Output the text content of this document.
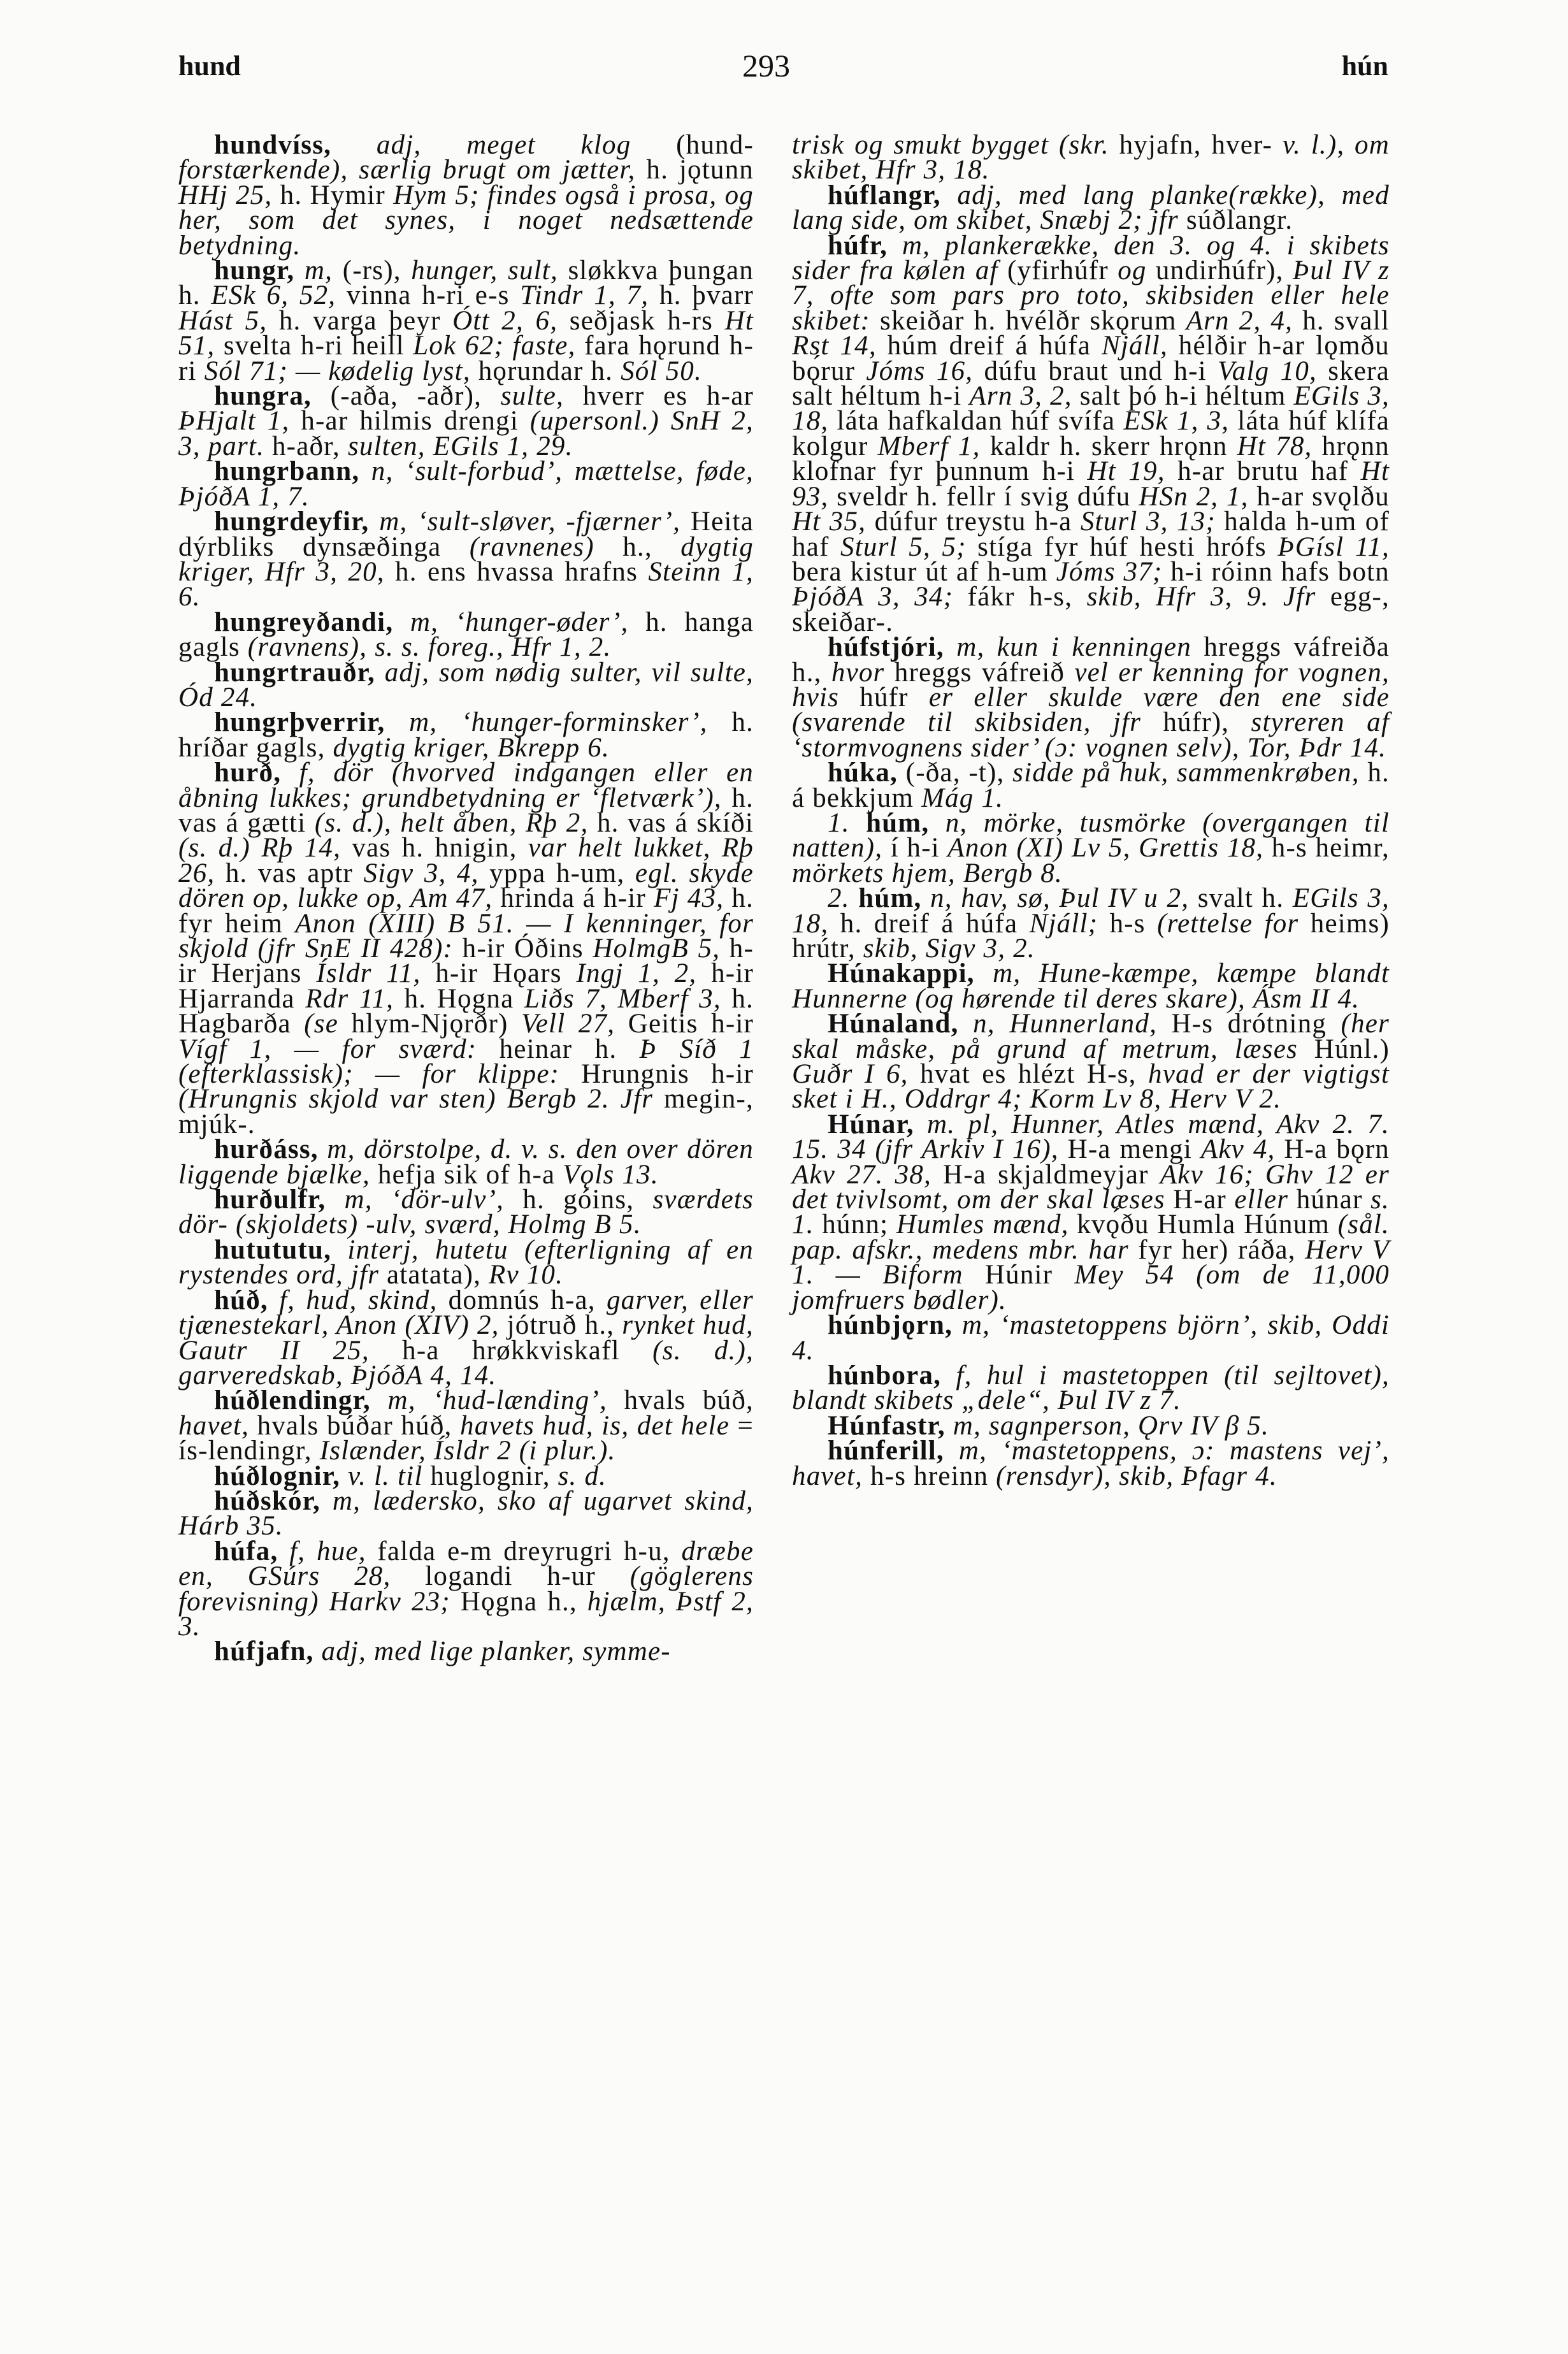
hund	293	hún

hundvíss, adj, meget klog (hund- forstærkende), særlig brugt om jætter, h. jǫtunn HHj 25, h. Hymir Hym 5; findes også i prosa, og her, som det synes, i noget nedsættende betydning.

hungr, m, (-rs), hunger, sult, sløkkva þungan h. ESk 6, 52, vinna h-ri e-s Tindr 1, 7, h. þvarr Hást 5, h. varga þeyr Ótt 2, 6, seðjask h-rs Ht 51, svelta h-ri heill Lok 62; faste, fara hǫrund h-ri Sól 71; — kødelig lyst, hǫrundar h. Sól 50.

hungra, (-aða, -aðr), sulte, hverr es h-ar ÞHjalt 1, h-ar hilmis drengi (upersonl.) SnH 2, 3, part. h-aðr, sulten, EGils 1, 29.

hungrbann, n, ‘sult-forbud’, mættelse, føde, ÞjóðA 1, 7.

hungrdeyfir, m, ‘sult-sløver, -fjærner’, Heita dýrbliks dynsæðinga (ravnenes) h., dygtig kriger, Hfr 3, 20, h. ens hvassa hrafns Steinn 1, 6.

hungreyðandi, m, ‘hunger-øder’, h. hanga gagls (ravnens), s. s. foreg., Hfr 1, 2.

hungrtrauðr, adj, som nødig sulter, vil sulte, Ód 24.

hungrþverrir, m, ‘hunger-forminsker’, h. hríðar gagls, dygtig kriger, Bkrepp 6.

hurð, f, dör (hvorved indgangen eller en åbning lukkes; grundbetydning er ‘fletværk’), h. vas á gætti (s. d.), helt åben, Rþ 2, h. vas á skíði (s. d.) Rþ 14, vas h. hnigin, var helt lukket, Rþ 26, h. vas aptr Sigv 3, 4, yppa h-um, egl. skyde dören op, lukke op, Am 47, hrinda á h-ir Fj 43, h. fyr heim Anon (XIII) B 51. — I kenninger, for skjold (jfr SnE II 428): h-ir Óðins HolmgB 5, h-ir Herjans Ísldr 11, h-ir Hǫars Ingj 1, 2, h-ir Hjarranda Rdr 11, h. Hǫgna Liðs 7, Mberf 3, h. Hagbarða (se hlym-Njǫrðr) Vell 27, Geitis h-ir Vígf 1, — for sværd: heinar h. Þ Síð 1 (efterklassisk); — for klippe: Hrungnis h-ir (Hrungnis skjold var sten) Bergb 2. Jfr megin-, mjúk-.

hurðáss, m, dörstolpe, d. v. s. den over dören liggende bjælke, hefja sik of h-a Vǫls 13.

hurðulfr, m, ‘dör-ulv’, h. góins, sværdets dör- (skjoldets) -ulv, sværd, Holmg B 5.

hutututu, interj, hutetu (efterligning af en rystendes ord, jfr atatata), Rv 10.

húð, f, hud, skind, domnús h-a, garver, eller tjænestekarl, Anon (XIV) 2, jótruð h., rynket hud, Gautr II 25, h-a hrøkkviskafl (s. d.), garveredskab, ÞjóðA 4, 14.

húðlendingr, m, ‘hud-lænding’, hvals búð, havet, hvals búðar húð, havets hud, is, det hele = ís-lendingr, Islænder, Ísldr 2 (i plur.).

húðlognir, v. l. til huglognir, s. d.

húðskór, m, lædersko, sko af ugarvet skind, Hárb 35.

húfa, f, hue, falda e-m dreyrugri h-u, dræbe en, GSúrs 28, logandi h-ur (göglerens forevisning) Harkv 23; Hǫgna h., hjælm, Þstf 2, 3.

húfjafn, adj, med lige planker, symme-

trisk og smukt bygget (skr. hyjafn, hver- v. l.), om skibet, Hfr 3, 18.

húflangr, adj, med lang planke(række), med lang side, om skibet, Snæbj 2; jfr súðlangr.

húfr, m, plankerække, den 3. og 4. i skibets sider fra kølen af (yfirhúfr og undirhúfr), Þul IV z 7, ofte som pars pro toto, skibsiden eller hele skibet: skeiðar h. hvélðr skǫrum Arn 2, 4, h. svall Rst 14, húm dreif á húfa Njáll, hélðir h-ar lǫmðu bǫ́rur Jóms 16, dúfu braut und h-i Valg 10, skera salt héltum h-i Arn 3, 2, salt þó h-i héltum EGils 3, 18, láta hafkaldan húf svífa ESk 1, 3, láta húf klífa kolgur Mberf 1, kaldr h. skerr hrǫnn Ht 78, hrǫnn klofnar fyr þunnum h-i Ht 19, h-ar brutu haf Ht 93, sveldr h. fellr í svig dúfu HSn 2, 1, h-ar svǫlðu Ht 35, dúfur treystu h-a Sturl 3, 13; halda h-um of haf Sturl 5, 5; stíga fyr húf hesti hrófs ÞGísl 11, bera kistur út af h-um Jóms 37; h-i róinn hafs botn ÞjóðA 3, 34; fákr h-s, skib, Hfr 3, 9. Jfr egg-, skeiðar-.

húfstjóri, m, kun i kenningen hreggs váfreiða h., hvor hreggs váfreið vel er kenning for vognen, hvis húfr er eller skulde være den ene side (svarende til skibsiden, jfr húfr), styreren af ‘stormvognens sider’ (ɔ: vognen selv), Tor, Þdr 14.

húka, (-ða, -t), sidde på huk, sammenkrøben, h. á bekkjum Mág 1.

1. húm, n, mörke, tusmörke (overgangen til natten), í h-i Anon (XI) Lv 5, Grettis 18, h-s heimr, mörkets hjem, Bergb 8.

2. húm, n, hav, sø, Þul IV u 2, svalt h. EGils 3, 18, h. dreif á húfa Njáll; h-s (rettelse for heims) hrútr, skib, Sigv 3, 2.

Húnakappi, m, Hune-kæmpe, kæmpe blandt Hunnerne (og hørende til deres skare), Ásm II 4.

Húnaland, n, Hunnerland, H-s drótning (her skal måske, på grund af metrum, læses Húnl.) Guðr I 6, hvat es hlézt H-s, hvad er der vigtigst sket i H., Oddrgr 4; Korm Lv 8, Herv V 2.

Húnar, m. pl, Hunner, Atles mænd, Akv 2. 7. 15. 34 (jfr Arkiv I 16), H-a mengi Akv 4, H-a bǫrn Akv 27. 38, H-a skjaldmeyjar Akv 16; Ghv 12 er det tvivlsomt, om der skal læses H-ar eller húnar s. 1. húnn; Humles mænd, kvǫ́ðu Humla Húnum (sål. pap. afskr., medens mbr. har fyr her) ráða, Herv V 1. — Biform Húnir Mey 54 (om de 11,000 jomfruers bødler).

húnbjǫrn, m, ‘mastetoppens björn’, skib, Oddi 4.

húnbora, f, hul i mastetoppen (til sejltovet), blandt skibets „dele“, Þul IV z 7.

Húnfastr, m, sagnperson, Ǫrv IV β 5.

húnferill, m, ‘mastetoppens, ɔ: mastens vej’, havet, h-s hreinn (rensdyr), skib, Þfagr 4.
